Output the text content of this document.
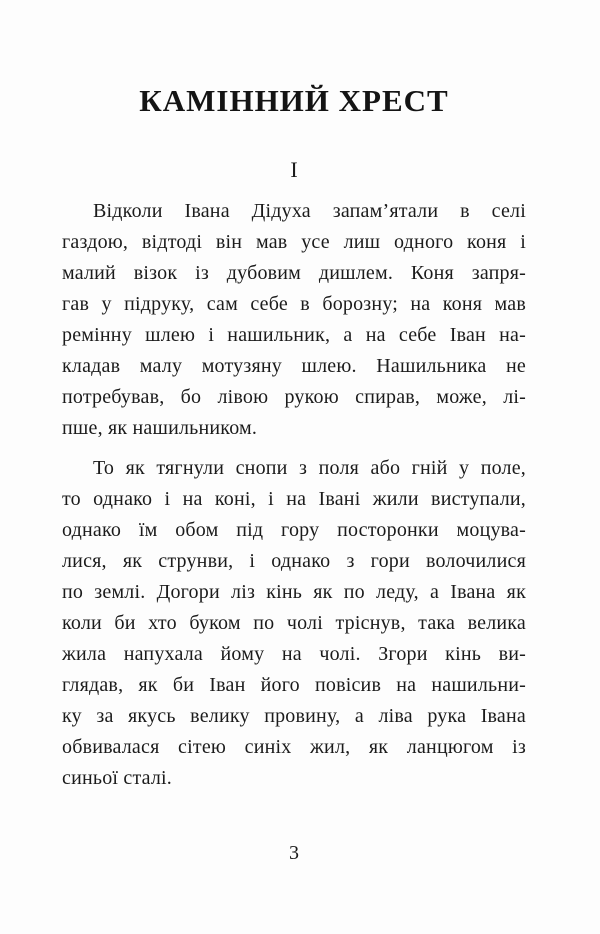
КАМІННИЙ ХРЕСТ
I
Відколи Івана Дідуха запам’ятали в селі
газдою, відтоді він мав усе лиш одного коня і
малий візок із дубовим дишлем. Коня запря-
гав у підруку, сам себе в борозну; на коня мав
ремінну шлею і нашильник, а на себе Іван на-
кладав малу мотузяну шлею. Нашильника не
потребував, бо лівою рукою спирав, може, лі-
пше, як нашильником.
То як тягнули снопи з поля або гній у поле,
то однако і на коні, і на Івані жили виступали,
однако їм обом під гору посторонки моцува-
лися, як струнви, і однако з гори волочилися
по землі. Догори ліз кінь як по леду, а Івана як
коли би хто буком по чолі тріснув, така велика
жила напухала йому на чолі. Згори кінь ви-
глядав, як би Іван його повісив на нашильни-
ку за якусь велику провину, а ліва рука Івана
обвивалася сітею синіх жил, як ланцюгом із
синьої сталі.
3
